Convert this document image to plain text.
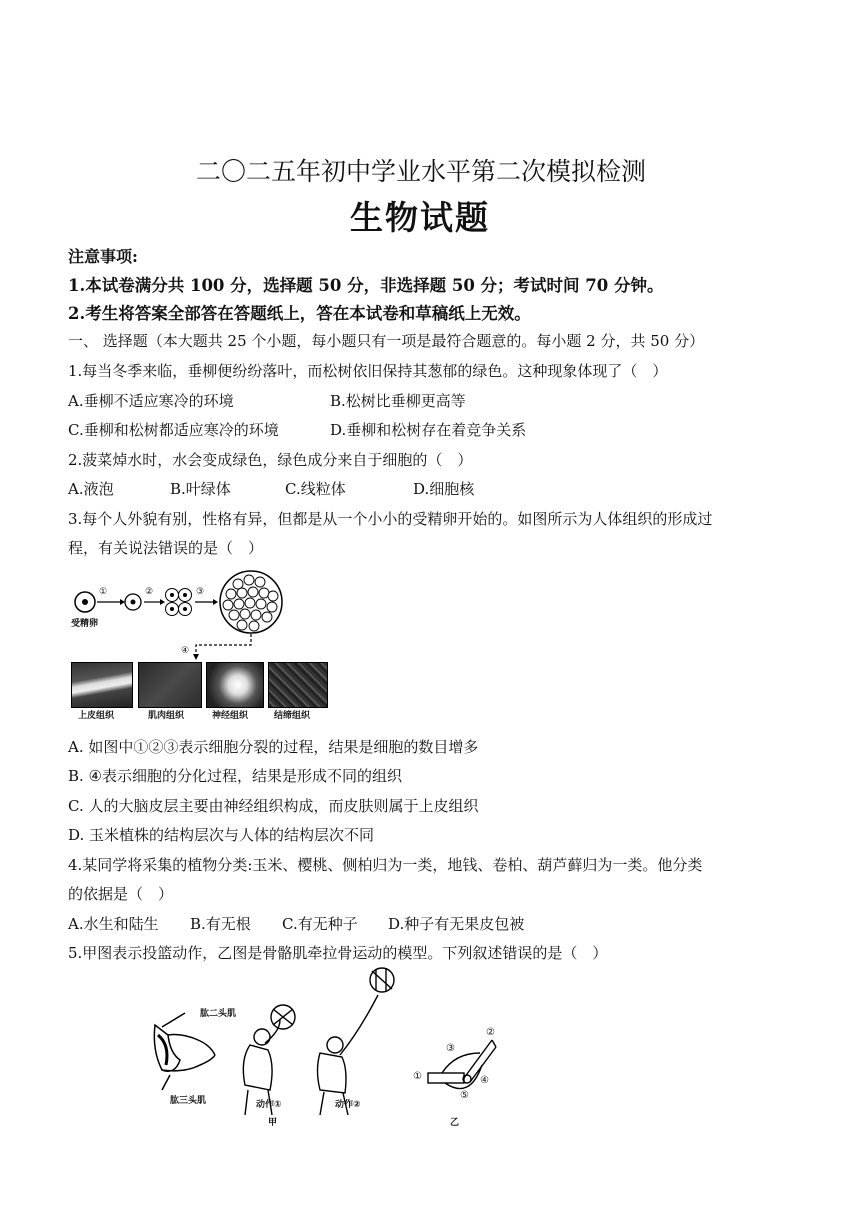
二〇二五年初中学业水平第二次模拟检测
生物试题
注意事项:
1.本试卷满分共 100 分，选择题 50 分，非选择题 50 分；考试时间 70 分钟。
2.考生将答案全部答在答题纸上，答在本试卷和草稿纸上无效。
一、 选择题（本大题共 25 个小题，每小题只有一项是最符合题意的。每小题 2 分，共 50 分）
1.每当冬季来临，垂柳便纷纷落叶，而松树依旧保持其葱郁的绿色。这种现象体现了（　）
A.垂柳不适应寒冷的环境	B.松树比垂柳更高等
C.垂柳和松树都适应寒冷的环境	D.垂柳和松树存在着竞争关系
2.菠菜焯水时，水会变成绿色，绿色成分来自于细胞的（　）
A.液泡	B.叶绿体	C.线粒体	D.细胞核
3.每个人外貌有别，性格有异，但都是从一个小小的受精卵开始的。如图所示为人体组织的形成过
程，有关说法错误的是（　）
受精卵
①	②	③
④
上皮组织	肌肉组织	神经组织	结缔组织
A. 如图中①②③表示细胞分裂的过程，结果是细胞的数目增多
B. ④表示细胞的分化过程，结果是形成不同的组织
C. 人的大脑皮层主要由神经组织构成，而皮肤则属于上皮组织
D. 玉米植株的结构层次与人体的结构层次不同
4.某同学将采集的植物分类:玉米、樱桃、侧柏归为一类，地钱、卷柏、葫芦藓归为一类。他分类
的依据是（　）
A.水生和陆生 B.有无根 C.有无种子 D.种子有无果皮包被
5.甲图表示投篮动作，乙图是骨骼肌牵拉骨运动的模型。下列叙述错误的是（　）
肱二头肌
肱三头肌	动作①	动作②
甲	乙
①
②
③
④
⑤
